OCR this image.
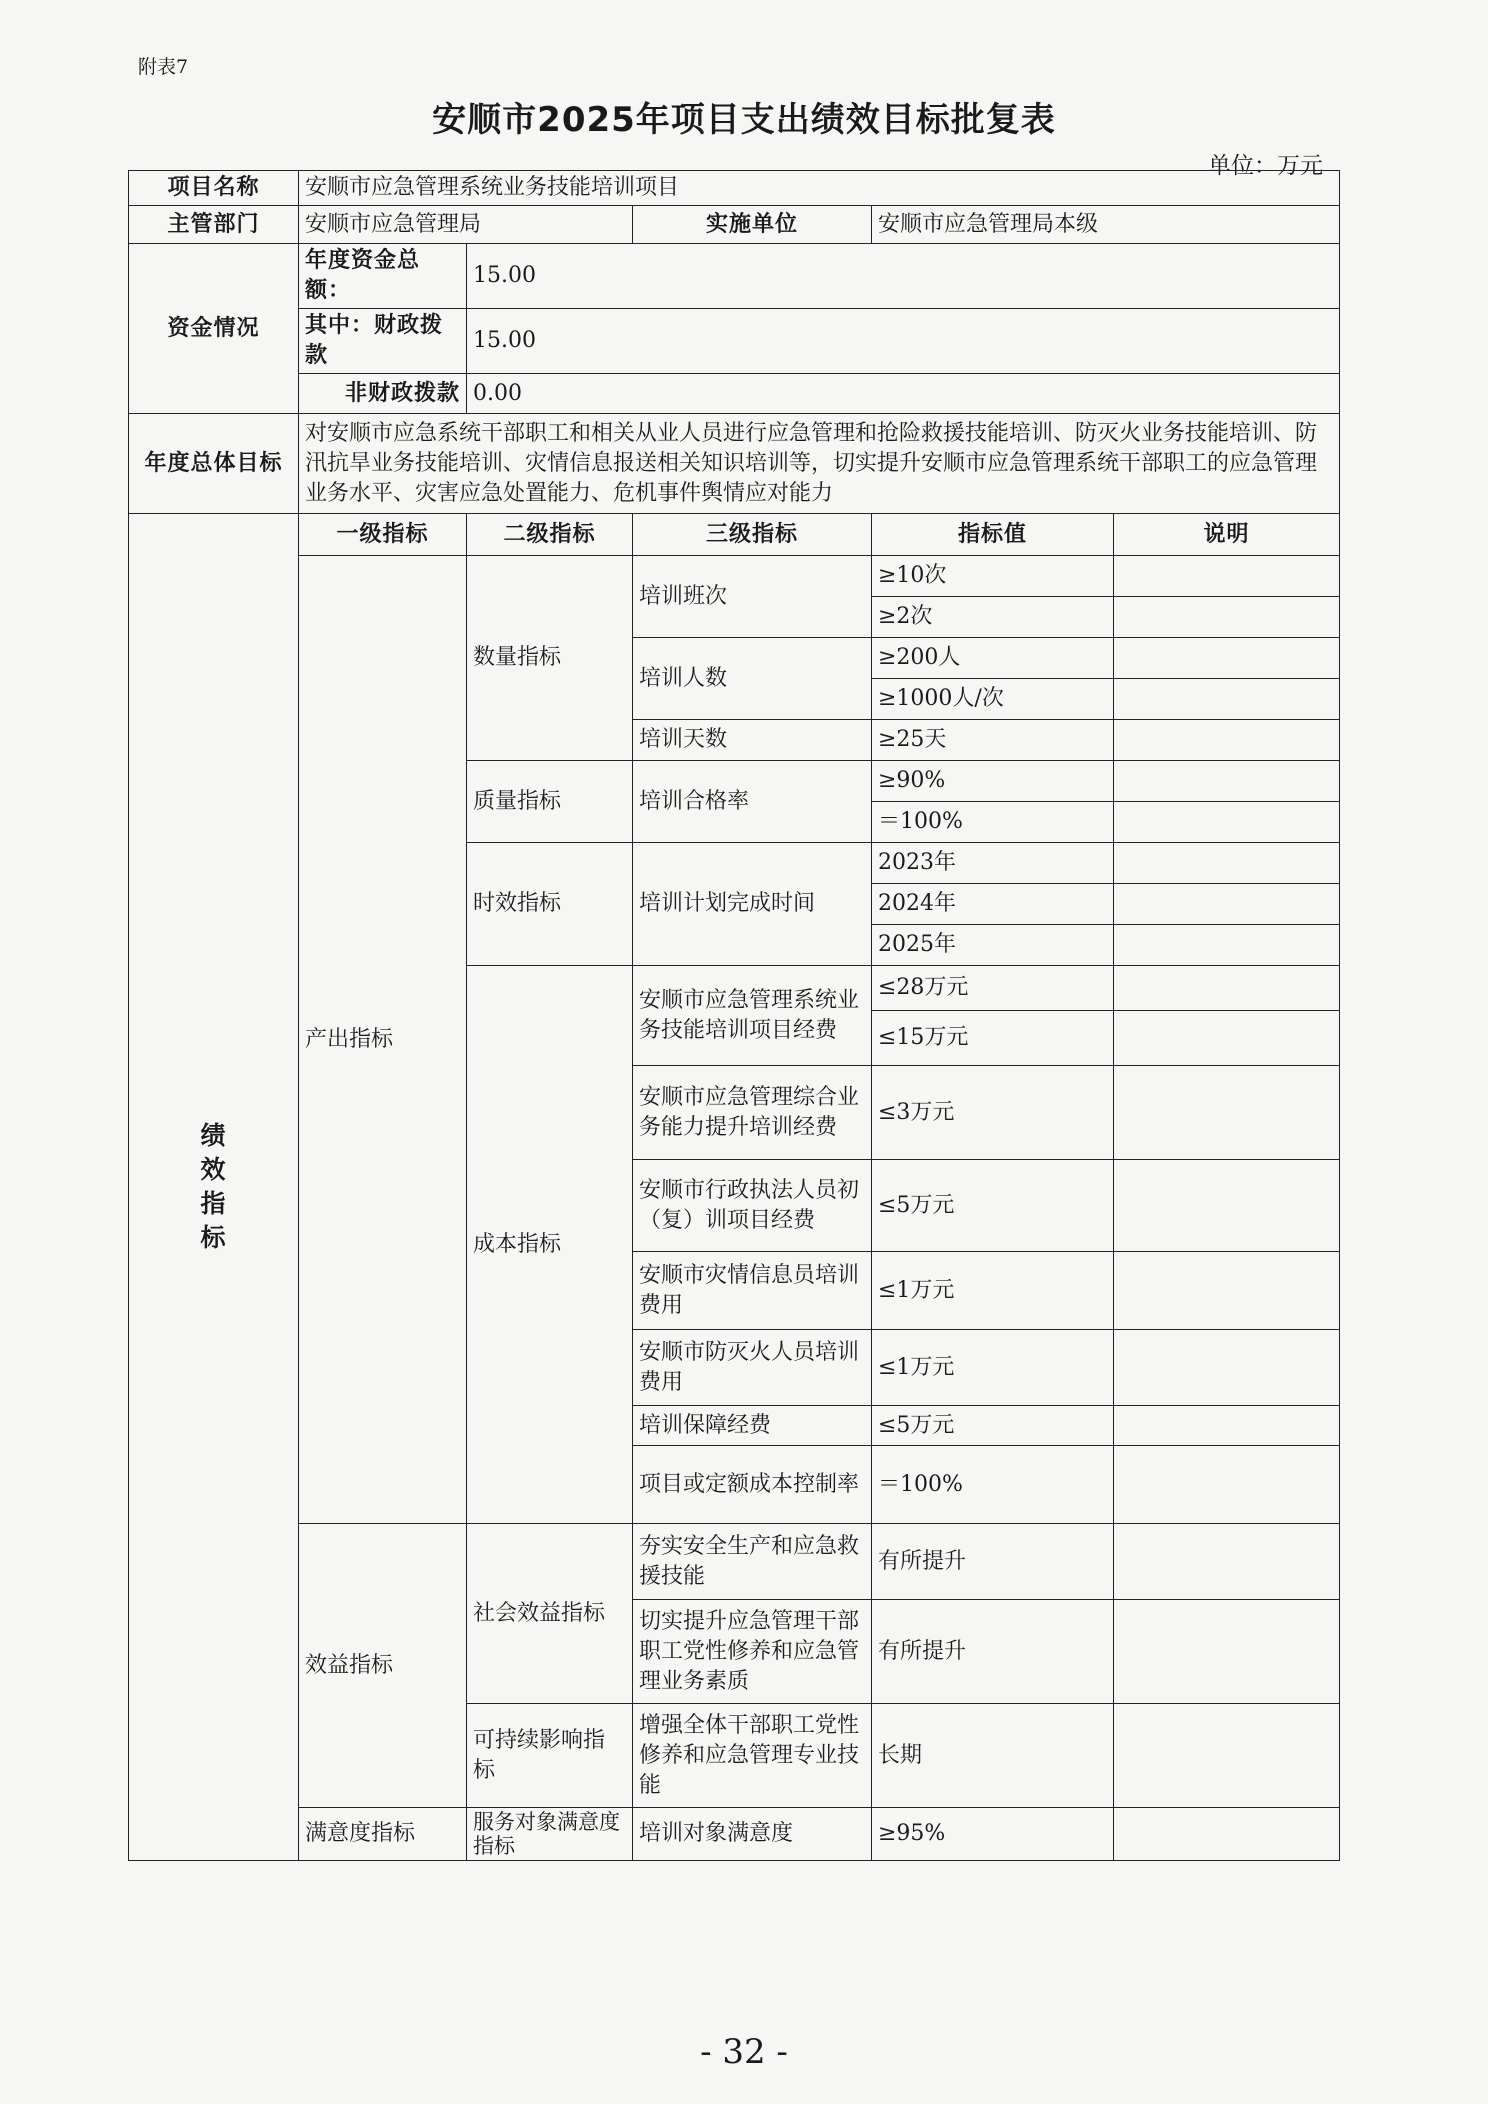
附表7
安顺市2025年项目支出绩效目标批复表
单位：万元
项目名称	安顺市应急管理系统业务技能培训项目				
主管部门	安顺市应急管理局		实施单位	安顺市应急管理局本级	
资金情况	年度资金总额：	15.00			
	其中：财政拨款	15.00			
	非财政拨款	0.00			
年度总体目标	对安顺市应急系统干部职工和相关从业人员进行应急管理和抢险救援技能培训、防灭火业务技能培训、防汛抗旱业务技能培训、灾情信息报送相关知识培训等，切实提升安顺市应急管理系统干部职工的应急管理业务水平、灾害应急处置能力、危机事件舆情应对能力				

绩效指标	一级指标	二级指标	三级指标	指标值	说明
	产出指标	数量指标	培训班次	≥10次	
				≥2次	
			培训人数	≥200人	
				≥1000人/次	
			培训天数	≥25天	
		质量指标	培训合格率	≥90%	
				＝100%	
		时效指标	培训计划完成时间	2023年	
				2024年	
				2025年	
		成本指标	安顺市应急管理系统业务技能培训项目经费	≤28万元	
				≤15万元	
			安顺市应急管理综合业务能力提升培训经费	≤3万元	
			安顺市行政执法人员初（复）训项目经费	≤5万元	
			安顺市灾情信息员培训费用	≤1万元	
			安顺市防灭火人员培训费用	≤1万元	
			培训保障经费	≤5万元	
			项目或定额成本控制率	＝100%	

	效益指标	社会效益指标	夯实安全生产和应急救援技能	有所提升	
			切实提升应急管理干部职工党性修养和应急管理业务素质	有所提升	
		可持续影响指标	增强全体干部职工党性修养和应急管理专业技能	长期	
	满意度指标	服务对象满意度指标	培训对象满意度	≥95%	
- 32 -
